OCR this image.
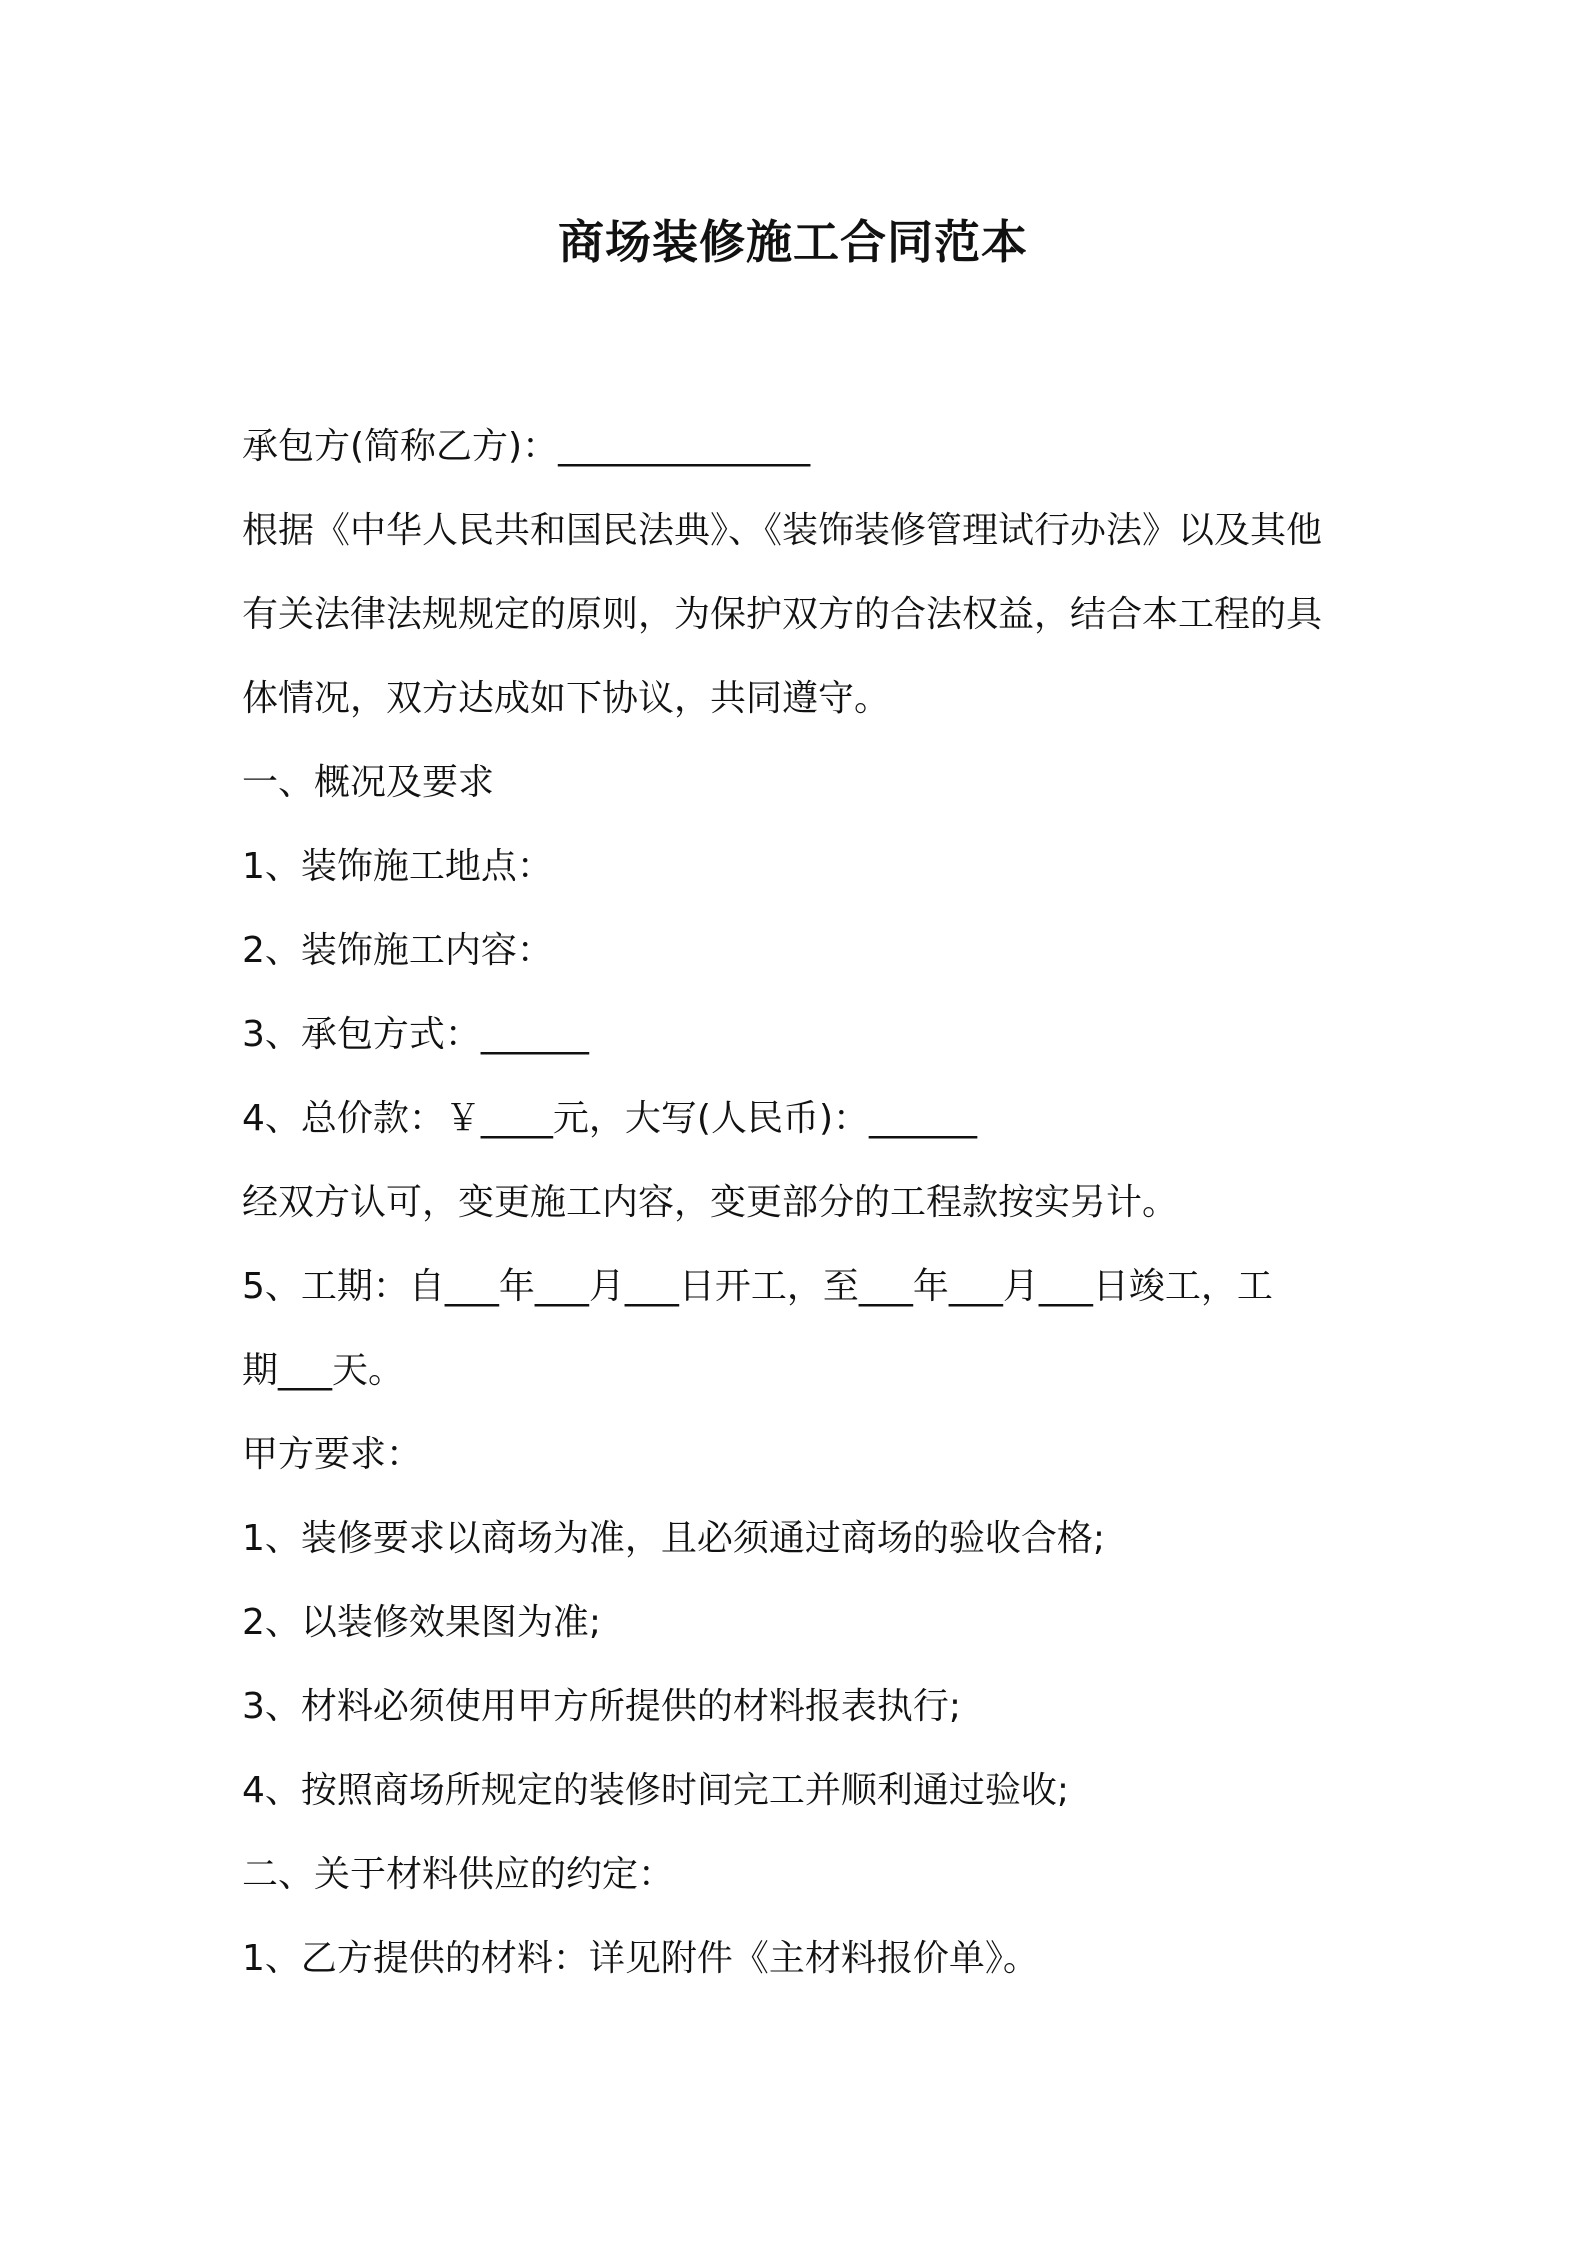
商场装修施工合同范本
承包方(简称乙方)：______________
根据《中华人民共和国民法典》、《装饰装修管理试行办法》以及其他
有关法律法规规定的原则，为保护双方的合法权益，结合本工程的具
体情况，双方达成如下协议，共同遵守。
一、概况及要求
1、装饰施工地点：
2、装饰施工内容：
3、承包方式：______
4、总价款：￥____元，大写(人民币)：______
经双方认可，变更施工内容，变更部分的工程款按实另计。
5、工期：自___年___月___日开工，至___年___月___日竣工，工
期___天。
甲方要求：
1、装修要求以商场为准，且必须通过商场的验收合格;
2、以装修效果图为准;
3、材料必须使用甲方所提供的材料报表执行;
4、按照商场所规定的装修时间完工并顺利通过验收;
二、关于材料供应的约定：
1、乙方提供的材料：详见附件《主材料报价单》。
